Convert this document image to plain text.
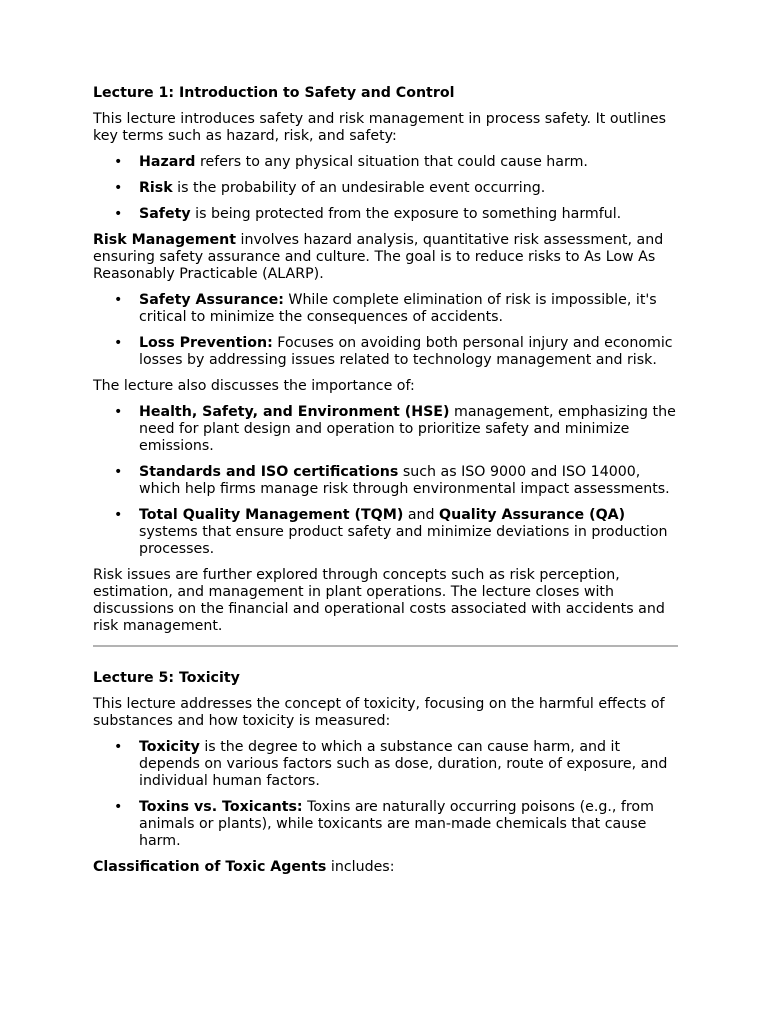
Lecture 1: Introduction to Safety and Control

This lecture introduces safety and risk management in process safety. It outlines key terms such as hazard, risk, and safety:

• Hazard refers to any physical situation that could cause harm.
• Risk is the probability of an undesirable event occurring.
• Safety is being protected from the exposure to something harmful.

Risk Management involves hazard analysis, quantitative risk assessment, and ensuring safety assurance and culture. The goal is to reduce risks to As Low As Reasonably Practicable (ALARP).

• Safety Assurance: While complete elimination of risk is impossible, it's critical to minimize the consequences of accidents.
• Loss Prevention: Focuses on avoiding both personal injury and economic losses by addressing issues related to technology management and risk.

The lecture also discusses the importance of:

• Health, Safety, and Environment (HSE) management, emphasizing the need for plant design and operation to prioritize safety and minimize emissions.
• Standards and ISO certifications such as ISO 9000 and ISO 14000, which help firms manage risk through environmental impact assessments.
• Total Quality Management (TQM) and Quality Assurance (QA) systems that ensure product safety and minimize deviations in production processes.

Risk issues are further explored through concepts such as risk perception, estimation, and management in plant operations. The lecture closes with discussions on the financial and operational costs associated with accidents and risk management.

Lecture 5: Toxicity

This lecture addresses the concept of toxicity, focusing on the harmful effects of substances and how toxicity is measured:

• Toxicity is the degree to which a substance can cause harm, and it depends on various factors such as dose, duration, route of exposure, and individual human factors.
• Toxins vs. Toxicants: Toxins are naturally occurring poisons (e.g., from animals or plants), while toxicants are man-made chemicals that cause harm.

Classification of Toxic Agents includes:
